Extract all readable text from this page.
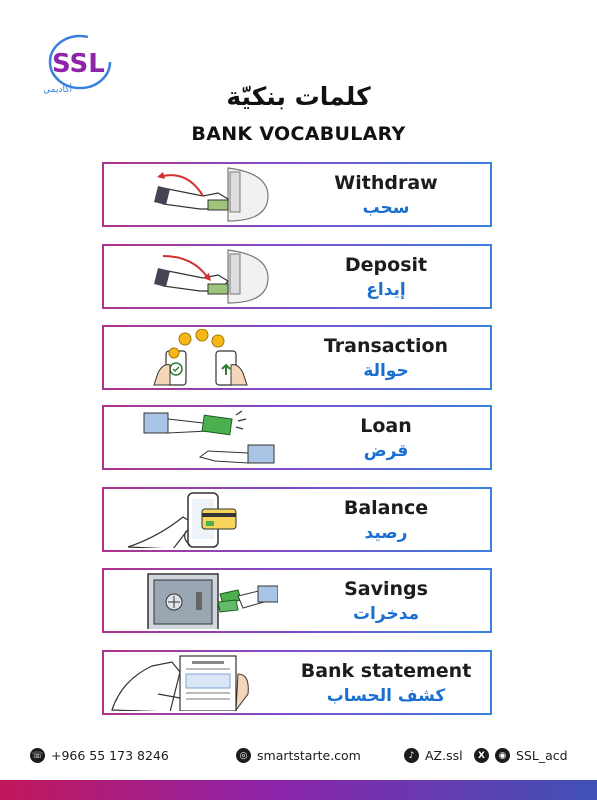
SSL
أكاديمي	كلمات بنكيّة
BANK VOCABULARY
Withdraw
سحب
Deposit
إيداع
Transaction
حوالة
Loan
قرض
Balance
رصيد
Savings
مدخرات
Bank statement
كشف الحساب
☏ +966 55 173 8246	◎ smartstarte.com	♪ AZ.ssl	X	◉ SSL_acd
